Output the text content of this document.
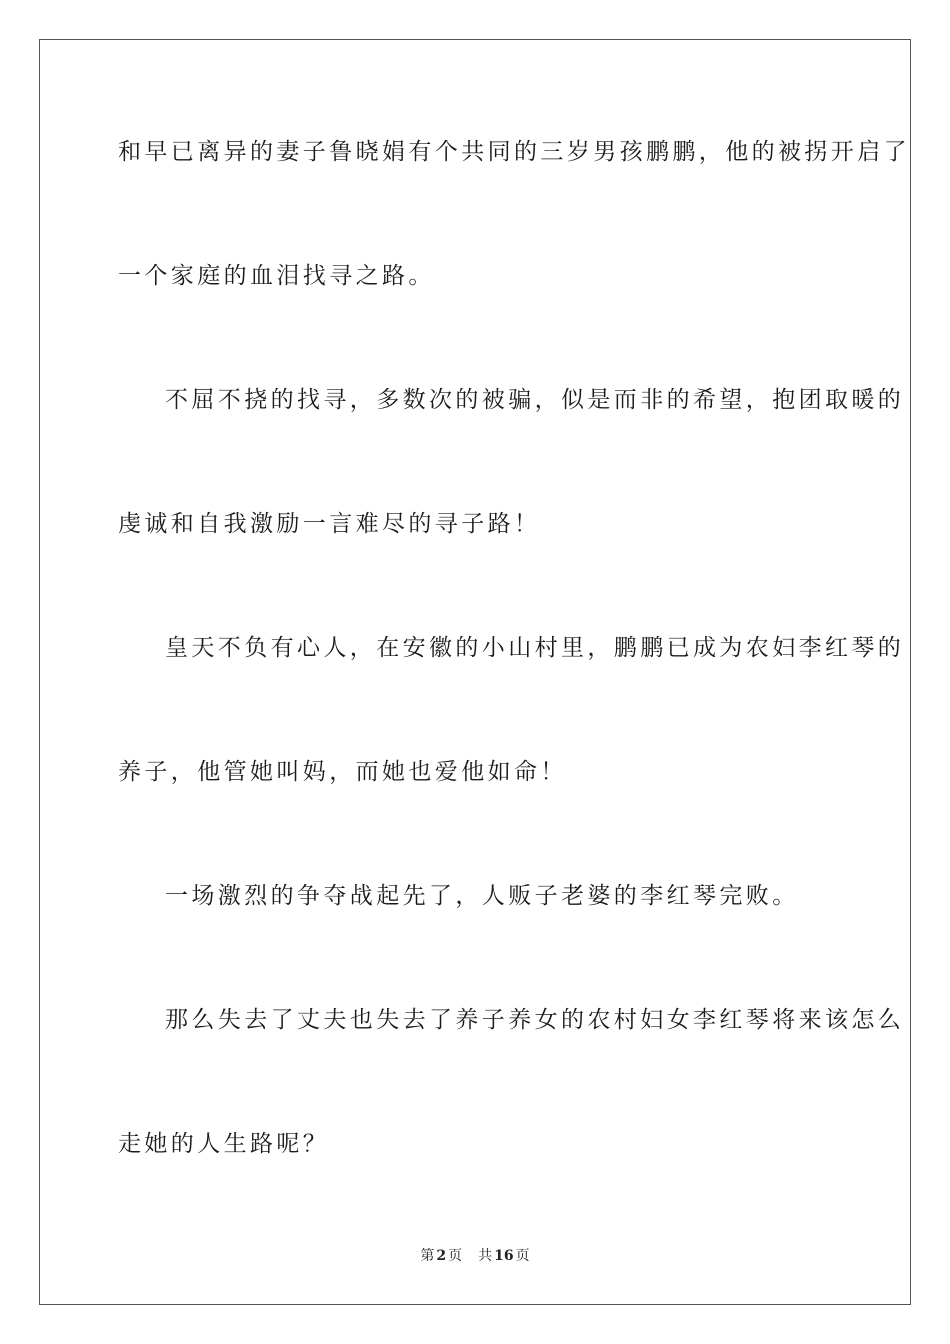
和早已离异的妻子鲁晓娟有个共同的三岁男孩鹏鹏，他的被拐开启了
一个家庭的血泪找寻之路。
不屈不挠的找寻，多数次的被骗，似是而非的希望，抱团取暖的
虔诚和自我激励一言难尽的寻子路！
皇天不负有心人，在安徽的小山村里，鹏鹏已成为农妇李红琴的
养子，他管她叫妈，而她也爱他如命！
一场激烈的争夺战起先了，人贩子老婆的李红琴完败。
那么失去了丈夫也失去了养子养女的农村妇女李红琴将来该怎么
走她的人生路呢？
第 2 页 共 16 页
